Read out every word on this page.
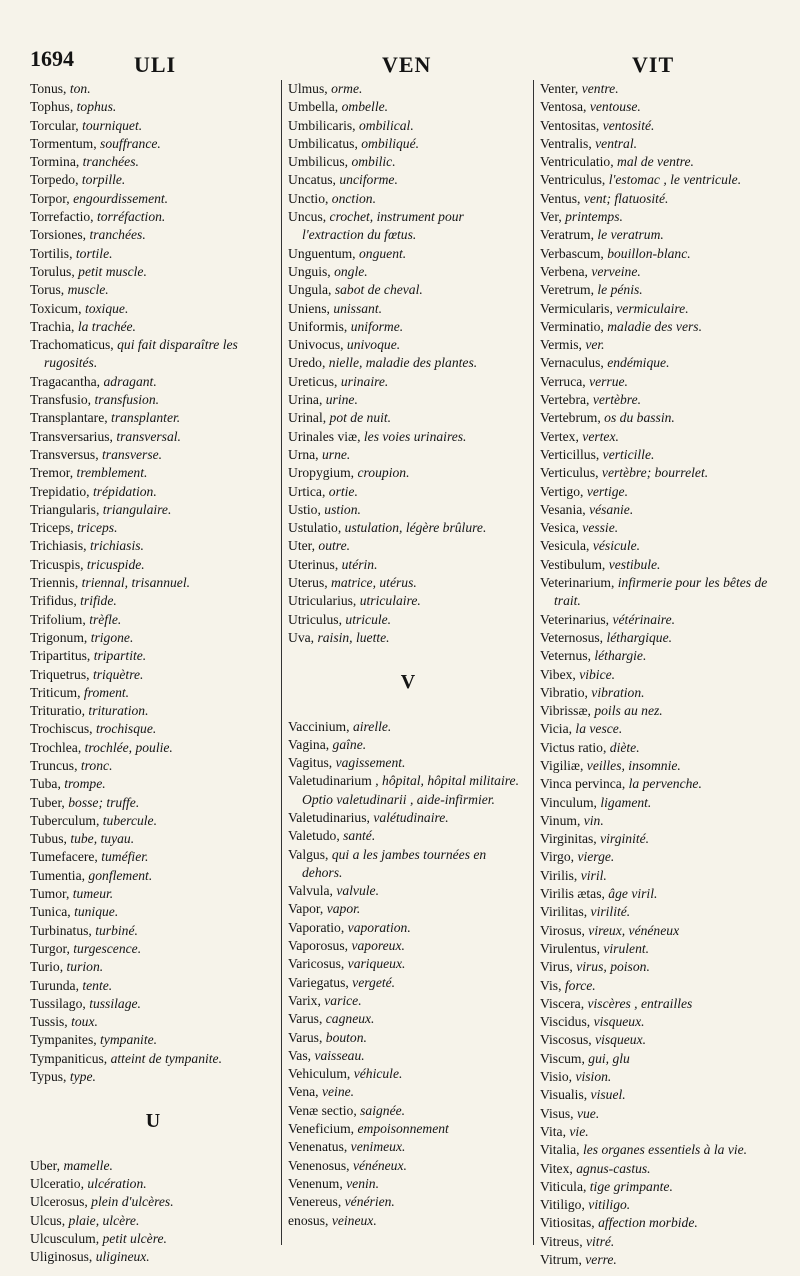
1694	ULI	VEN	VIT
Tonus, ton.
Tophus, tophus.
Torcular, tourniquet.
Tormentum, souffrance.
Tormina, tranchées.
Torpedo, torpille.
Torpor, engourdissement.
Torrefactio, torréfaction.
Torsiones, tranchées.
Tortilis, tortile.
Torulus, petit muscle.
Torus, muscle.
Toxicum, toxique.
Trachia, la trachée.
Trachomaticus, qui fait disparaître les rugosités.
Tragacantha, adragant.
Transfusio, transfusion.
Transplantare, transplanter.
Transversarius, transversal.
Transversus, transverse.
Tremor, tremblement.
Trepidatio, trépidation.
Triangularis, triangulaire.
Triceps, triceps.
Trichiasis, trichiasis.
Tricuspis, tricuspide.
Triennis, triennal, trisannuel.
Trifidus, trifide.
Trifolium, trèfle.
Trigonum, trigone.
Tripartitus, tripartite.
Triquetrus, triquètre.
Triticum, froment.
Trituratio, trituration.
Trochiscus, trochisque.
Trochlea, trochlée, poulie.
Truncus, tronc.
Tuba, trompe.
Tuber, bosse; truffe.
Tuberculum, tubercule.
Tubus, tube, tuyau.
Tumefacere, tuméfier.
Tumentia, gonflement.
Tumor, tumeur.
Tunica, tunique.
Turbinatus, turbiné.
Turgor, turgescence.
Turio, turion.
Turunda, tente.
Tussilago, tussilage.
Tussis, toux.
Tympanites, tympanite.
Tympaniticus, atteint de tympanite.
Typus, type.
U
Uber, mamelle.
Ulceratio, ulcération.
Ulcerosus, plein d'ulcères.
Ulcus, plaie, ulcère.
Ulcusculum, petit ulcère.
Uliginosus, uligineux.
Ulmus, orme.
Umbella, ombelle.
Umbilicaris, ombilical.
Umbilicatus, ombiliqué.
Umbilicus, ombilic.
Uncatus, unciforme.
Unctio, onction.
Uncus, crochet, instrument pour l'extraction du fœtus.
Unguentum, onguent.
Unguis, ongle.
Ungula, sabot de cheval.
Uniens, unissant.
Uniformis, uniforme.
Univocus, univoque.
Uredo, nielle, maladie des plantes.
Ureticus, urinaire.
Urina, urine.
Urinal, pot de nuit.
Urinales viæ, les voies urinaires.
Urna, urne.
Uropygium, croupion.
Urtica, ortie.
Ustio, ustion.
Ustulatio, ustulation, légère brûlure.
Uter, outre.
Uterinus, utérin.
Uterus, matrice, utérus.
Utricularius, utriculaire.
Utriculus, utricule.
Uva, raisin, luette.
V
Vaccinium, airelle.
Vagina, gaîne.
Vagitus, vagissement.
Valetudinarium , hôpital, hôpital militaire. Optio valetudinarii , aide-infirmier.
Valetudinarius, valétudinaire.
Valetudo, santé.
Valgus, qui a les jambes tournées en dehors.
Valvula, valvule.
Vapor, vapor.
Vaporatio, vaporation.
Vaporosus, vaporeux.
Varicosus, variqueux.
Variegatus, vergeté.
Varix, varice.
Varus, cagneux.
Varus, bouton.
Vas, vaisseau.
Vehiculum, véhicule.
Vena, veine.
Venæ sectio, saignée.
Veneficium, empoisonnement
Venenatus, venimeux.
Venenosus, vénéneux.
Venenum, venin.
Venereus, vénérien.
enosus, veineux.
Venter, ventre.
Ventosa, ventouse.
Ventositas, ventosité.
Ventralis, ventral.
Ventriculatio, mal de ventre.
Ventriculus, l'estomac , le ventricule.
Ventus, vent; flatuosité.
Ver, printemps.
Veratrum, le veratrum.
Verbascum, bouillon-blanc.
Verbena, verveine.
Veretrum, le pénis.
Vermicularis, vermiculaire.
Verminatio, maladie des vers.
Vermis, ver.
Vernaculus, endémique.
Verruca, verrue.
Vertebra, vertèbre.
Vertebrum, os du bassin.
Vertex, vertex.
Verticillus, verticille.
Verticulus, vertèbre; bourrelet.
Vertigo, vertige.
Vesania, vésanie.
Vesica, vessie.
Vesicula, vésicule.
Vestibulum, vestibule.
Veterinarium, infirmerie pour les bêtes de trait.
Veterinarius, vétérinaire.
Veternosus, léthargique.
Veternus, léthargie.
Vibex, vibice.
Vibratio, vibration.
Vibrissæ, poils au nez.
Vicia, la vesce.
Victus ratio, diète.
Vigiliæ, veilles, insomnie.
Vinca pervinca, la pervenche.
Vinculum, ligament.
Vinum, vin.
Virginitas, virginité.
Virgo, vierge.
Virilis, viril.
Virilis ætas, âge viril.
Virilitas, virilité.
Virosus, vireux, vénéneux
Virulentus, virulent.
Virus, virus, poison.
Vis, force.
Viscera, viscères , entrailles
Viscidus, visqueux.
Viscosus, visqueux.
Viscum, gui, glu
Visio, vision.
Visualis, visuel.
Visus, vue.
Vita, vie.
Vitalia, les organes essentiels à la vie.
Vitex, agnus-castus.
Viticula, tige grimpante.
Vitiligo, vitiligo.
Vitiositas, affection morbide.
Vitreus, vitré.
Vitrum, verre.
